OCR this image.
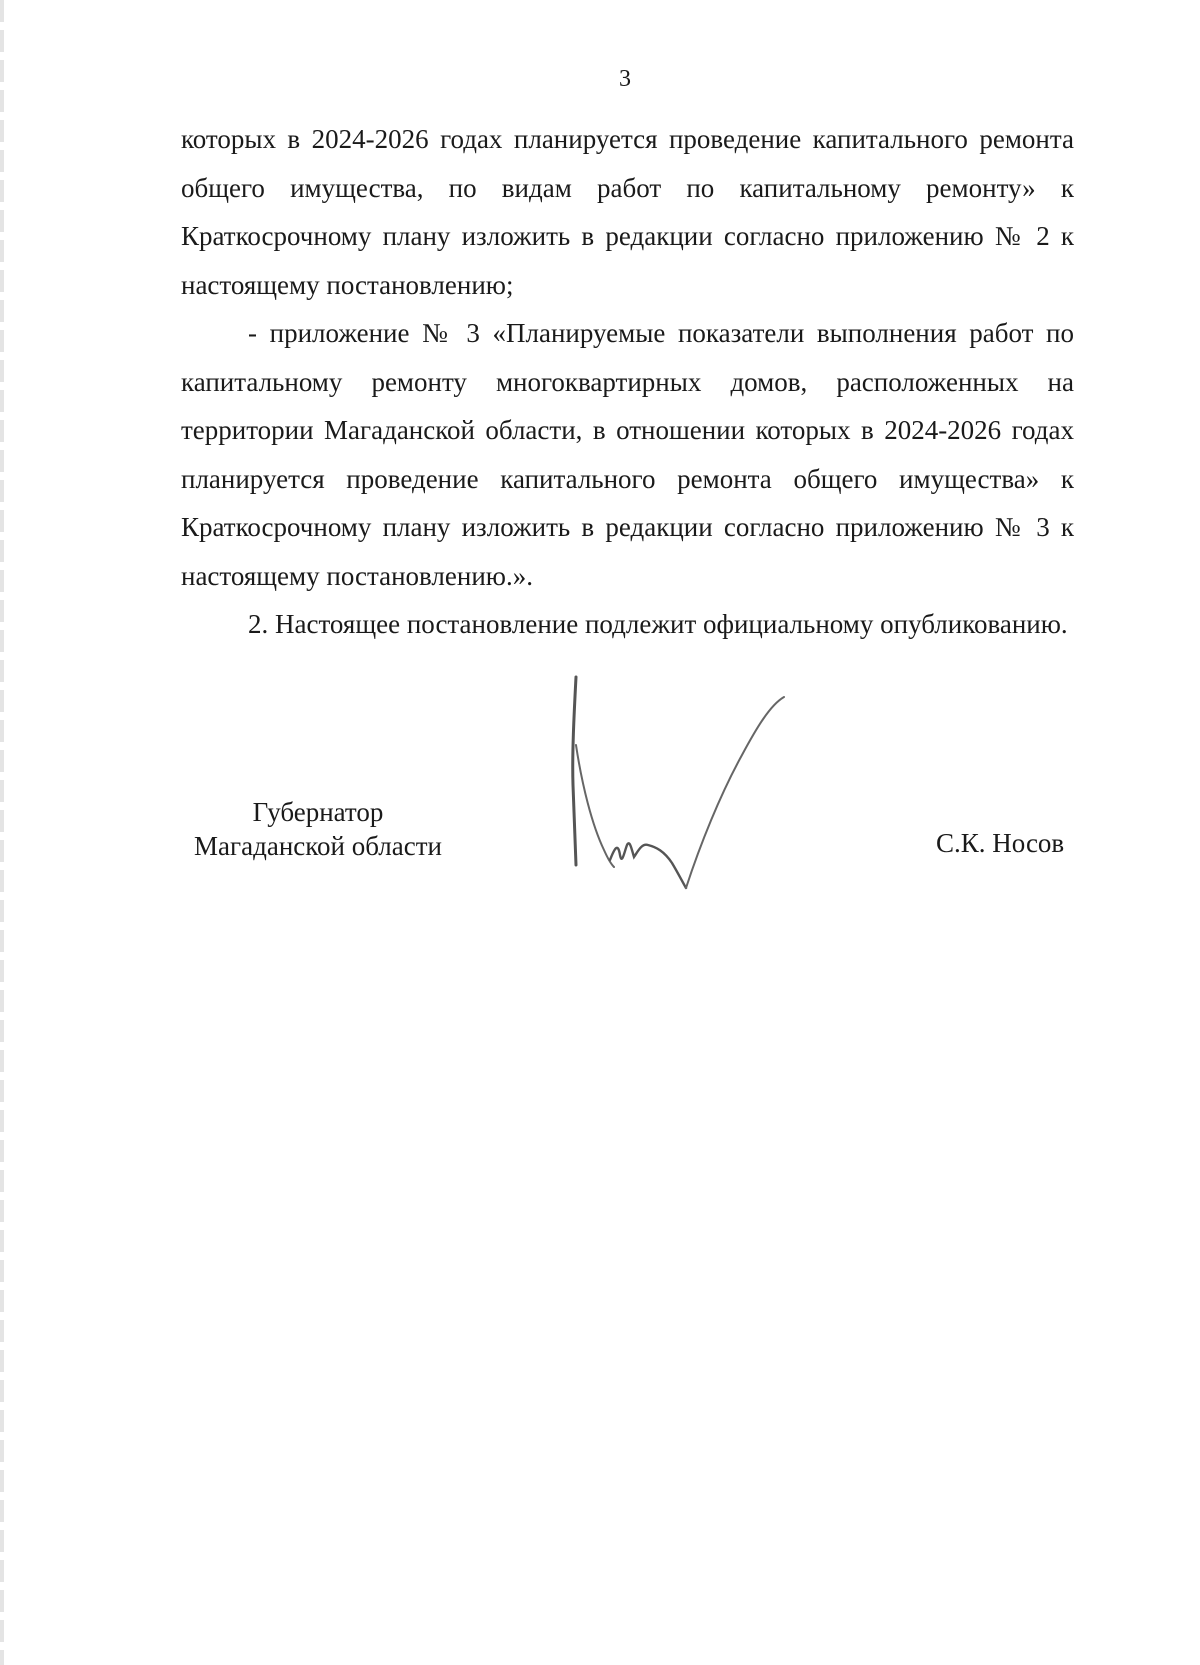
3

которых в 2024-2026 годах планируется проведение капитального ремонта общего имущества, по видам работ по капитальному ремонту» к Краткосрочному плану изложить в редакции согласно приложению № 2 к настоящему постановлению;

- приложение № 3 «Планируемые показатели выполнения работ по капитальному ремонту многоквартирных домов, расположенных на территории Магаданской области, в отношении которых в 2024-2026 годах планируется проведение капитального ремонта общего имущества» к Краткосрочному плану изложить в редакции согласно приложению № 3 к настоящему постановлению.».

2. Настоящее постановление подлежит официальному опубликованию.

Губернатор
Магаданской области	С.К. Носов
